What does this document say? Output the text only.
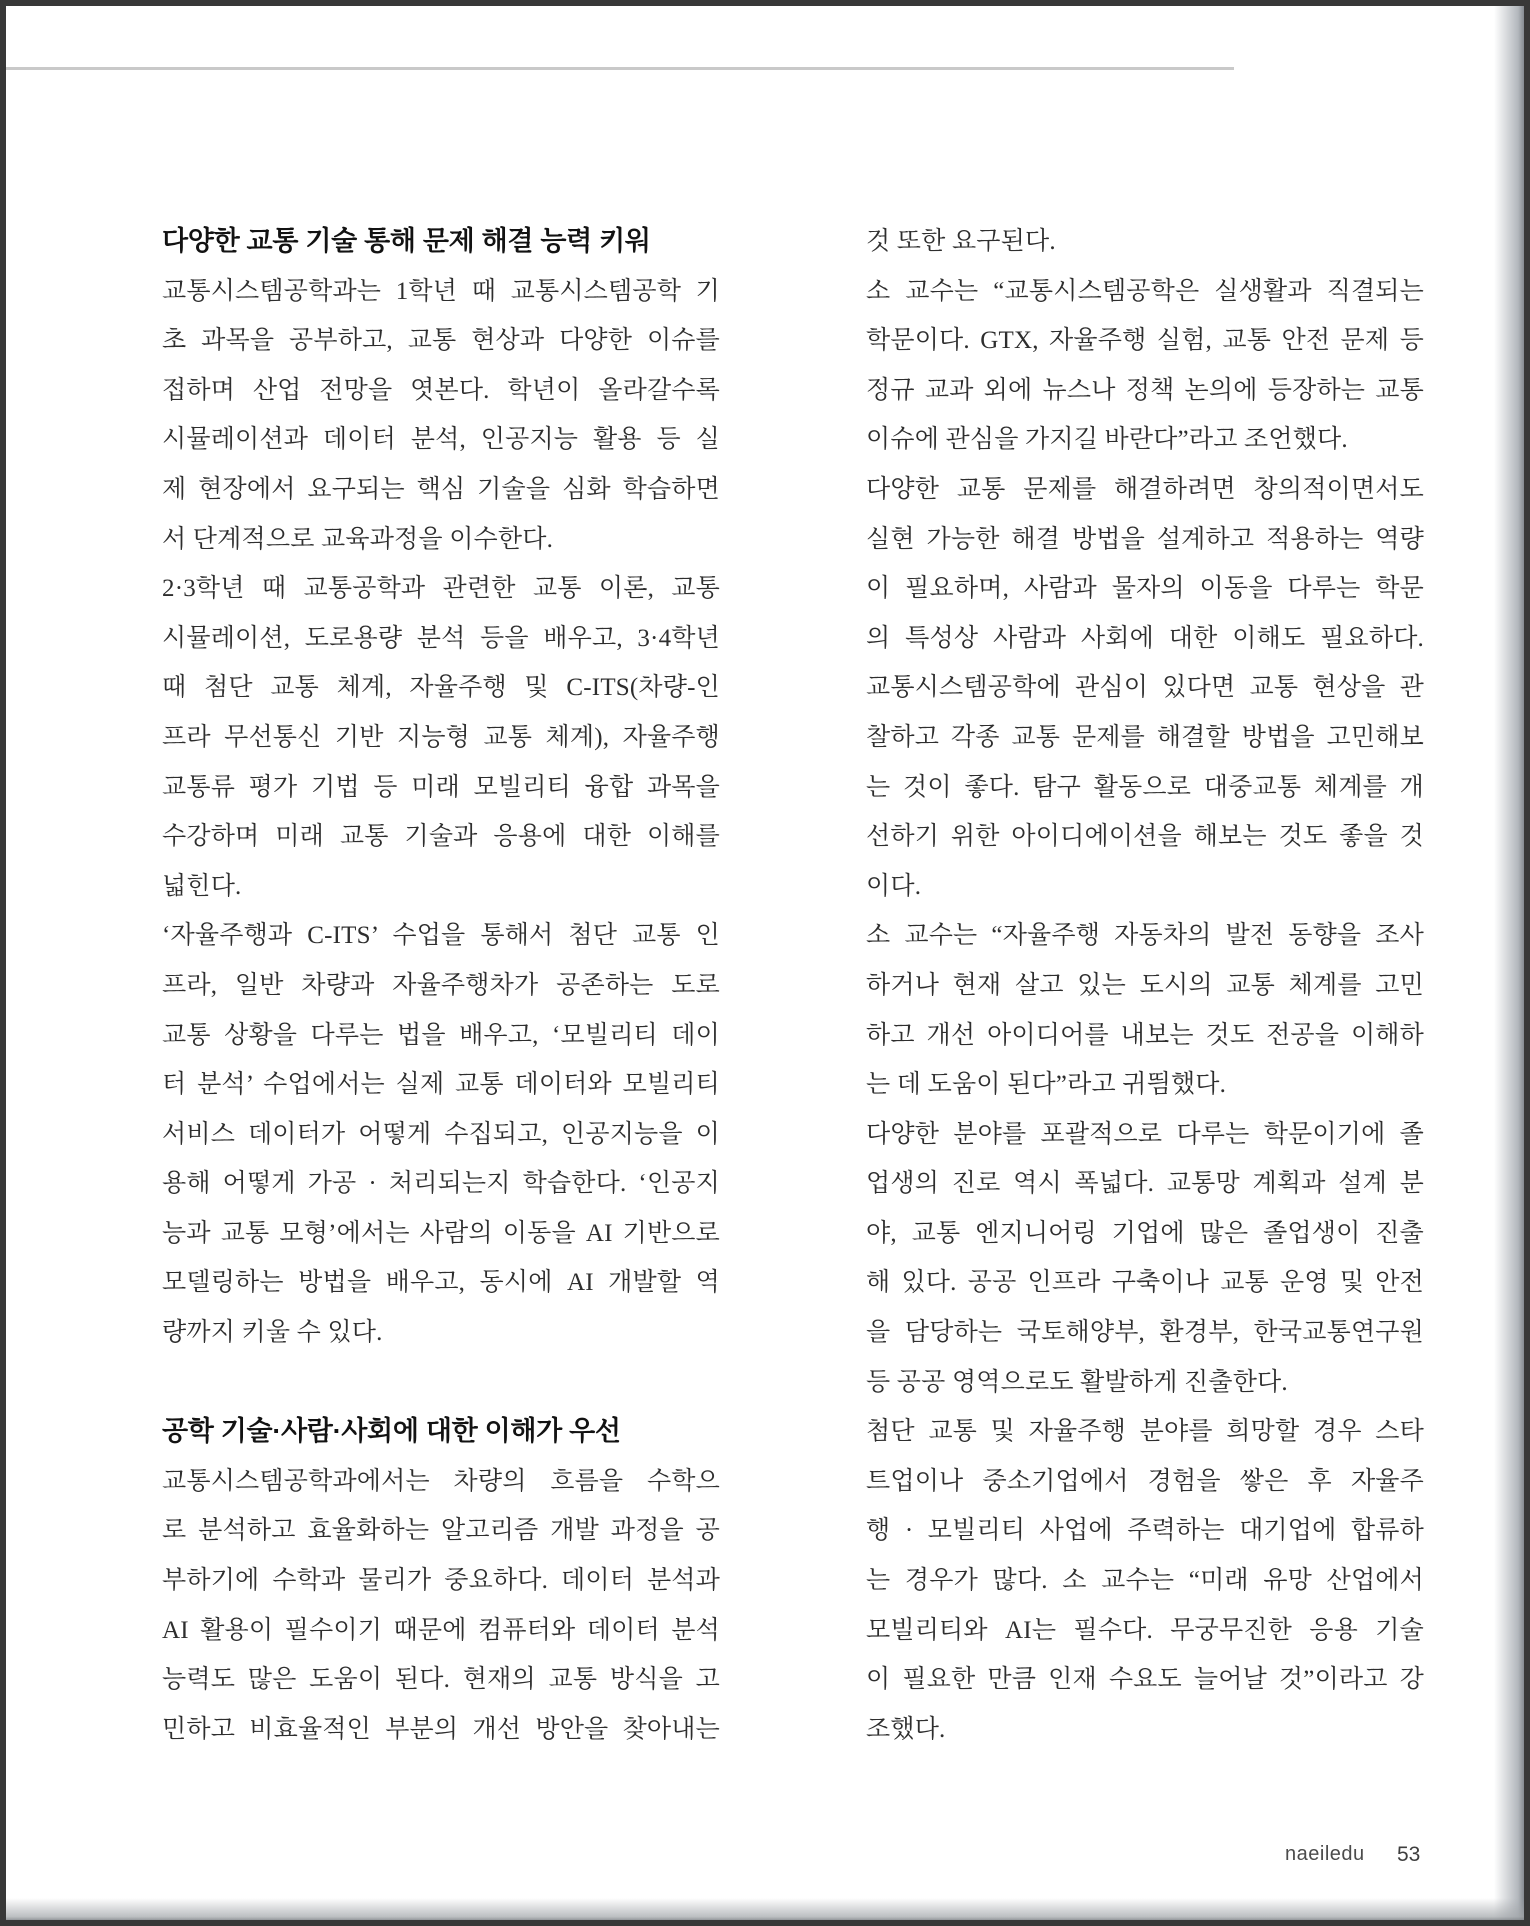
다양한 교통 기술 통해 문제 해결 능력 키워
교통시스템공학과는 1학년 때 교통시스템공학 기
초 과목을 공부하고, 교통 현상과 다양한 이슈를
접하며 산업 전망을 엿본다. 학년이 올라갈수록
시뮬레이션과 데이터 분석, 인공지능 활용 등 실
제 현장에서 요구되는 핵심 기술을 심화 학습하면
서 단계적으로 교육과정을 이수한다.
2·3학년 때 교통공학과 관련한 교통 이론, 교통
시뮬레이션, 도로용량 분석 등을 배우고, 3·4학년
때 첨단 교통 체계, 자율주행 및 C-ITS(차량-인
프라 무선통신 기반 지능형 교통 체계), 자율주행
교통류 평가 기법 등 미래 모빌리티 융합 과목을
수강하며 미래 교통 기술과 응용에 대한 이해를
넓힌다.
‘자율주행과 C-ITS’ 수업을 통해서 첨단 교통 인
프라, 일반 차량과 자율주행차가 공존하는 도로
교통 상황을 다루는 법을 배우고, ‘모빌리티 데이
터 분석’ 수업에서는 실제 교통 데이터와 모빌리티
서비스 데이터가 어떻게 수집되고, 인공지능을 이
용해 어떻게 가공 · 처리되는지 학습한다. ‘인공지
능과 교통 모형’에서는 사람의 이동을 AI 기반으로
모델링하는 방법을 배우고, 동시에 AI 개발할 역
량까지 키울 수 있다.
공학 기술·사람·사회에 대한 이해가 우선
교통시스템공학과에서는 차량의 흐름을 수학으
로 분석하고 효율화하는 알고리즘 개발 과정을 공
부하기에 수학과 물리가 중요하다. 데이터 분석과
AI 활용이 필수이기 때문에 컴퓨터와 데이터 분석
능력도 많은 도움이 된다. 현재의 교통 방식을 고
민하고 비효율적인 부분의 개선 방안을 찾아내는
것 또한 요구된다.
소 교수는 “교통시스템공학은 실생활과 직결되는
학문이다. GTX, 자율주행 실험, 교통 안전 문제 등
정규 교과 외에 뉴스나 정책 논의에 등장하는 교통
이슈에 관심을 가지길 바란다”라고 조언했다.
다양한 교통 문제를 해결하려면 창의적이면서도
실현 가능한 해결 방법을 설계하고 적용하는 역량
이 필요하며, 사람과 물자의 이동을 다루는 학문
의 특성상 사람과 사회에 대한 이해도 필요하다.
교통시스템공학에 관심이 있다면 교통 현상을 관
찰하고 각종 교통 문제를 해결할 방법을 고민해보
는 것이 좋다. 탐구 활동으로 대중교통 체계를 개
선하기 위한 아이디에이션을 해보는 것도 좋을 것
이다.
소 교수는 “자율주행 자동차의 발전 동향을 조사
하거나 현재 살고 있는 도시의 교통 체계를 고민
하고 개선 아이디어를 내보는 것도 전공을 이해하
는 데 도움이 된다”라고 귀띔했다.
다양한 분야를 포괄적으로 다루는 학문이기에 졸
업생의 진로 역시 폭넓다. 교통망 계획과 설계 분
야, 교통 엔지니어링 기업에 많은 졸업생이 진출
해 있다. 공공 인프라 구축이나 교통 운영 및 안전
을 담당하는 국토해양부, 환경부, 한국교통연구원
등 공공 영역으로도 활발하게 진출한다.
첨단 교통 및 자율주행 분야를 희망할 경우 스타
트업이나 중소기업에서 경험을 쌓은 후 자율주
행 · 모빌리티 사업에 주력하는 대기업에 합류하
는 경우가 많다. 소 교수는 “미래 유망 산업에서
모빌리티와 AI는 필수다. 무궁무진한 응용 기술
이 필요한 만큼 인재 수요도 늘어날 것”이라고 강
조했다.
naeiledu 53
